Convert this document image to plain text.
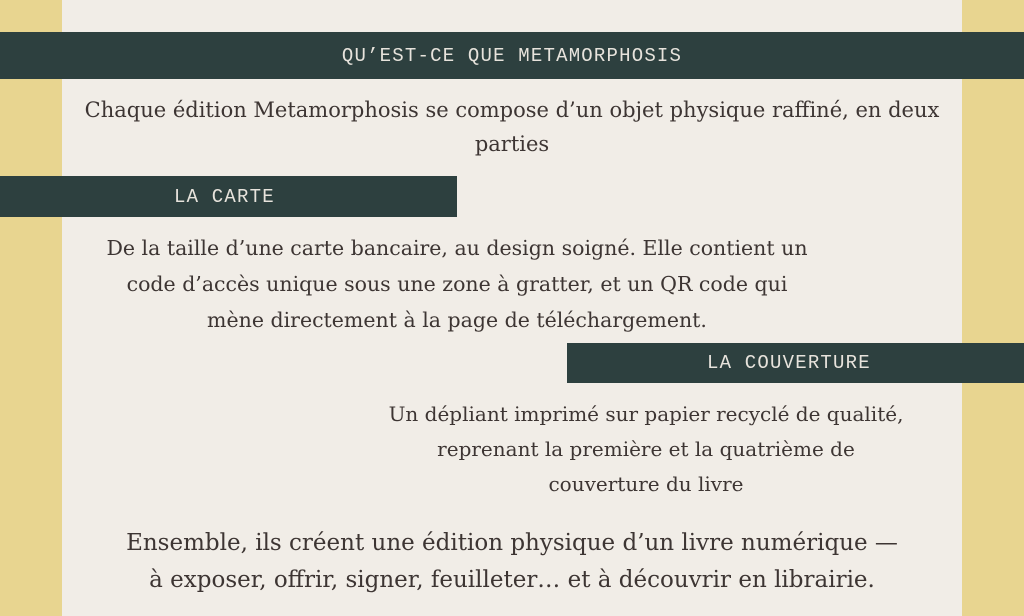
QU’EST-CE QUE METAMORPHOSIS
Chaque édition Metamorphosis se compose d’un objet physique raffiné, en deux
parties
LA CARTE
De la taille d’une carte bancaire, au design soigné. Elle contient un
code d’accès unique sous une zone à gratter, et un QR code qui
mène directement à la page de téléchargement.
LA COUVERTURE
Un dépliant imprimé sur papier recyclé de qualité,
reprenant la première et la quatrième de
couverture du livre
Ensemble, ils créent une édition physique d’un livre numérique —
à exposer, offrir, signer, feuilleter… et à découvrir en librairie.
